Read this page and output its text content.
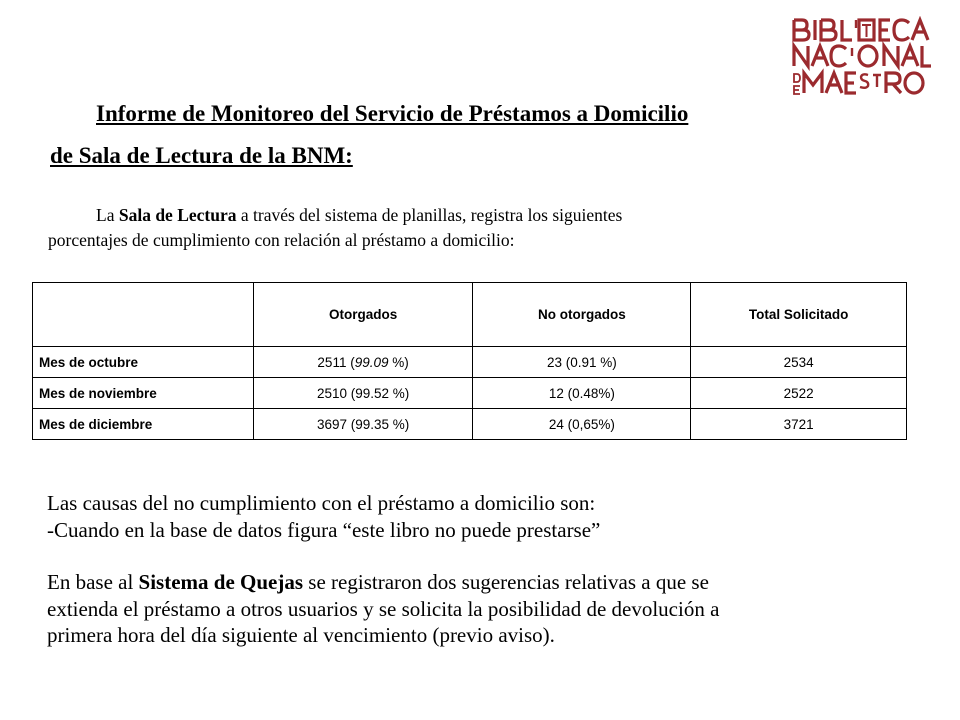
Informe de Monitoreo del Servicio de Préstamos a Domicilio

de Sala de Lectura de la BNM:

La Sala de Lectura a través del sistema de planillas, registra los siguientes
porcentajes de cumplimiento con relación al préstamo a domicilio:
	Otorgados	No otorgados	Total Solicitado
Mes de octubre	2511 (99.09 %)	23 (0.91 %)	2534
Mes de noviembre	2510 (99.52 %)	12 (0.48%)	2522
Mes de diciembre	3697 (99.35 %)	24 (0,65%)	3721

Las causas del no cumplimiento con el préstamo a domicilio son:

-Cuando en la base de datos figura “este libro no puede prestarse”

En base al Sistema de Quejas se registraron dos sugerencias relativas a que se

extienda el préstamo a otros usuarios y se solicita la posibilidad de devolución a

primera hora del día siguiente al vencimiento (previo aviso).
